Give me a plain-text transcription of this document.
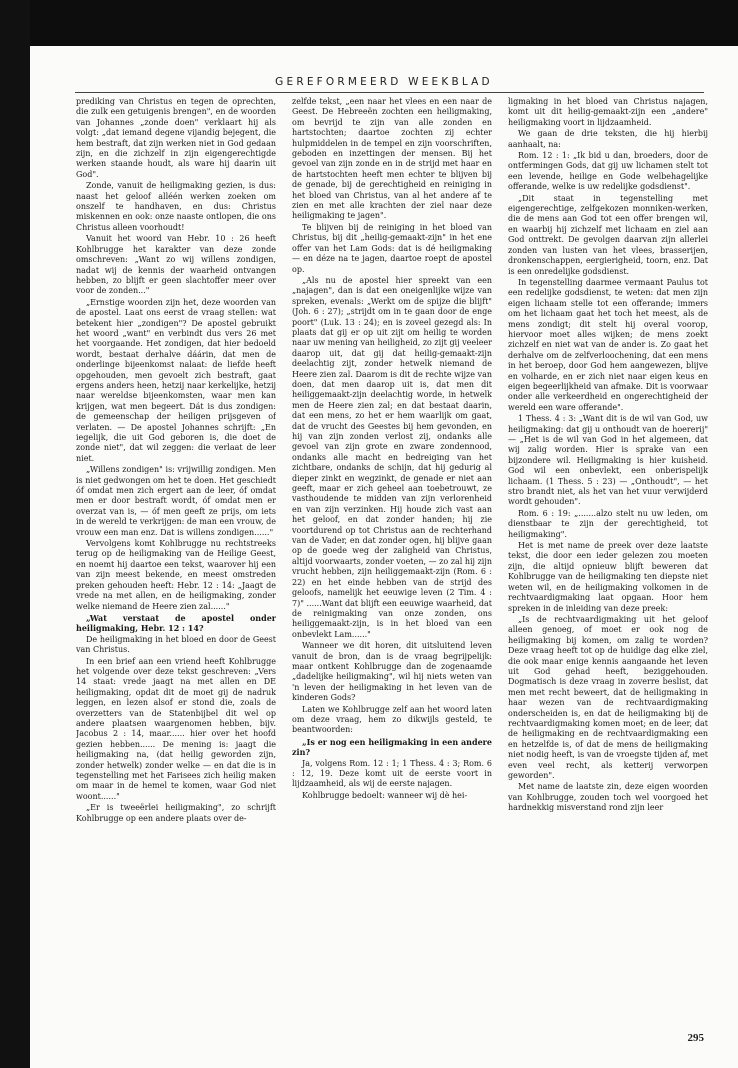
GEREFORMEERD WEEKBLAD

prediking van Christus en tegen de oprechten, die zulk een getuigenis brengen", en de woorden van Johannes „zonde doen" verklaart hij als volgt: „dat iemand degene vijandig bejegent, die hem bestraft, dat zijn werken niet in God gedaan zijn, en die zichzelf in zijn eigengerechtigde werken staande houdt, als ware hij daarin uit God".

Zonde, vanuit de heiligmaking gezien, is dus: naast het geloof alléén werken zoeken om onszelf te handhaven, en dus: Christus miskennen en ook: onze naaste ontlopen, die ons Christus alleen voorhoudt!

Vanuit het woord van Hebr. 10 : 26 heeft Kohlbrugge het karakter van deze zonde omschreven: „Want zo wij willens zondigen, nadat wij de kennis der waarheid ontvangen hebben, zo blijft er geen slachtoffer meer over voor de zonden..."

„Ernstige woorden zijn het, deze woorden van de apostel. Laat ons eerst de vraag stellen: wat betekent hier „zondigen"? De apostel gebruikt het woord „want" en verbindt dus vers 26 met het voorgaande. Het zondigen, dat hier bedoeld wordt, bestaat derhalve dáárin, dat men de onderlinge bijeenkomst nalaat: de liefde heeft opgehouden, men gevoelt zich bestraft, gaat ergens anders heen, hetzij naar kerkelijke, hetzij naar wereldse bijeenkomsten, waar men kan krijgen, wat men begeert. Dát is dus zondigen: de gemeenschap der heiligen prijsgeven of verlaten. — De apostel Johannes schrijft: „En iegelijk, die uit God geboren is, die doet de zonde niet", dat wil zeggen: die verlaat de leer niet.

„Willens zondigen" is: vrijwillig zondigen. Men is niet gedwongen om het te doen. Het geschiedt óf omdat men zich ergert aan de leer, óf omdat men er door bestraft wordt, óf omdat men er overzat van is, — óf men geeft ze prijs, om iets in de wereld te verkrijgen: de man een vrouw, de vrouw een man enz. Dat is willens zondigen......"

Vervolgens komt Kohlbrugge nu rechtstreeks terug op de heiligmaking van de Heilige Geest, en noemt hij daartoe een tekst, waarover hij een van zijn meest bekende, en meest omstreden preken gehouden heeft: Hebr. 12 : 14: „Jaagt de vrede na met allen, en de heiligmaking, zonder welke niemand de Heere zien zal......"

„Wat verstaat de apostel onder heiligmaking, Hebr. 12 : 14?

De heiligmaking in het bloed en door de Geest van Christus.

In een brief aan een vriend heeft Kohlbrugge het volgende over deze tekst geschreven: „Vers 14 staat: vrede jaagt na met allen en DE heiligmaking, opdat dit de moet gij de nadruk leggen, en lezen alsof er stond die, zoals de overzetters van de Statenbijbel dit wel op andere plaatsen waargenomen hebben, bijv. Jacobus 2 : 14, maar...... hier over het hoofd gezien hebben...... De mening is: jaagt die heiligmaking na, (dat heilig geworden zijn, zonder hetwelk) zonder welke — en dat die is in tegenstelling met het Farisees zich heilig maken om maar in de hemel te komen, waar God niet woont......"

„Er is tweeërlei heiligmaking", zo schrijft Kohlbrugge op een andere plaats over de-

zelfde tekst, „een naar het vlees en een naar de Geest. De Hebreeën zochten een heiligmaking, om bevrijd te zijn van alle zonden en hartstochten; daartoe zochten zij echter hulpmiddelen in de tempel en zijn voorschriften, geboden en inzettingen der mensen. Bij het gevoel van zijn zonde en in de strijd met haar en de hartstochten heeft men echter te blijven bij de genade, bij de gerechtigheid en reiniging in het bloed van Christus, van al het andere af te zien en met alle krachten der ziel naar deze heiligmaking te jagen".

Te blijven bij de reiniging in het bloed van Christus, bij dit „heilig-gemaakt-zijn" in het ene offer van het Lam Gods: dat is dé heiligmaking — en déze na te jagen, daartoe roept de apostel op.

„Als nu de apostel hier spreekt van een „najagen", dan is dat een oneigenlijke wijze van spreken, evenals: „Werkt om de spijze die blijft" (Joh. 6 : 27); „strijdt om in te gaan door de enge poort" (Luk. 13 : 24); en is zoveel gezegd als: In plaats dat gij er op uit zijt om heilig te worden naar uw mening van heiligheid, zo zijt gij veeleer daarop uit, dat gij dat heilig-gemaakt-zijn deelachtig zijt, zonder hetwelk niemand de Heere zien zal. Daarom is dit de rechte wijze van doen, dat men daarop uit is, dat men dit heiliggemaakt-zijn deelachtig worde, in hetwelk men de Heere zien zal; en dat bestaat daarin, dat een mens, zo het er hem waarlijk om gaat, dat de vrucht des Geestes bij hem gevonden, en hij van zijn zonden verlost zij, ondanks alle gevoel van zijn grote en zware zondennood, ondanks alle macht en bedreiging van het zichtbare, ondanks de schijn, dat hij gedurig al dieper zinkt en wegzinkt, de genade er niet aan geeft, maar er zich geheel aan toebetrouwt, ze vasthoudende te midden van zijn verlorenheid en van zijn verzinken. Hij houde zich vast aan het geloof, en dat zonder handen; hij zie voortdurend op tot Christus aan de rechterhand van de Vader, en dat zonder ogen, hij blijve gaan op de goede weg der zaligheid van Christus, altijd voorwaarts, zonder voeten, — zo zal hij zijn vrucht hebben, zijn heiliggemaakt-zijn (Rom. 6 : 22) en het einde hebben van de strijd des geloofs, namelijk het eeuwige leven (2 Tim. 4 : 7)" ......Want dat blijft een eeuwige waarheid, dat de reinigmaking van onze zonden, ons heiliggemaakt-zijn, is in het bloed van een onbevlekt Lam......"

Wanneer we dit horen, dit uitsluitend leven vanuit de bron, dan is de vraag begrijpelijk: maar ontkent Kohlbrugge dan de zogenaamde „dadelijke heiligmaking", wil hij niets weten van 'n leven der heiligmaking in het leven van de kinderen Gods?

Laten we Kohlbrugge zelf aan het woord laten om deze vraag, hem zo dikwijls gesteld, te beantwoorden:

„Is er nog een heiligmaking in een andere zin?

Ja, volgens Rom. 12 : 1; 1 Thess. 4 : 3; Rom. 6 : 12, 19. Deze komt uit de eerste voort in lijdzaamheid, als wij de eerste najagen.

Kohlbrugge bedoelt: wanneer wij dè hei-

ligmaking in het bloed van Christus najagen, komt uit dit heilig-gemaakt-zijn een „andere" heiligmaking voort in lijdzaamheid.

We gaan de drie teksten, die hij hierbij aanhaalt, na:

Rom. 12 : 1: „Ik bid u dan, broeders, door de ontfermingen Gods, dat gij uw lichamen stelt tot een levende, heilige en Gode welbehagelijke offerande, welke is uw redelijke godsdienst".

„Dit staat in tegenstelling met eigengerechtige, zelfgekozen monniken-werken, die de mens aan God tot een offer brengen wil, en waarbij hij zichzelf met lichaam en ziel aan God onttrekt. De gevolgen daarvan zijn allerlei zonden van lusten van het vlees, brasserijen, dronkenschappen, eergierigheid, toorn, enz. Dat is een onredelijke godsdienst.

In tegenstelling daarmee vermaant Paulus tot een redelijke godsdienst, te weten: dat men zijn eigen lichaam stelle tot een offerande; immers om het lichaam gaat het toch het meest, als de mens zondigt; dit stelt hij overal voorop, hiervoor moet alles wijken; de mens zoekt zichzelf en niet wat van de ander is. Zo gaat het derhalve om de zelfverloochening, dat een mens in het beroep, door God hem aangewezen, blijve en volharde, en er zich niet naar eigen keus en eigen begeerlijkheid van afmake. Dit is voorwaar onder alle verkeerdheid en ongerechtigheid der wereld een ware offerande".

1 Thess. 4 : 3: „Want dit is de wil van God, uw heiligmaking: dat gij u onthoudt van de hoererij" — „Het is de wil van God in het algemeen, dat wij zalig worden. Hier is sprake van een bijzondere wil. Heiligmaking is hier kuisheid. God wil een onbevlekt, een onberispelijk lichaam. (1 Thess. 5 : 23) — „Onthoudt", — het stro brandt niet, als het van het vuur verwijderd wordt gehouden".

Rom. 6 : 19: „.......alzo stelt nu uw leden, om dienstbaar te zijn der gerechtigheid, tot heiligmaking".

Het is met name de preek over deze laatste tekst, die door een ieder gelezen zou moeten zijn, die altijd opnieuw blijft beweren dat Kohlbrugge van de heiligmaking ten diepste niet weten wil, en de heiligmaking volkomen in de rechtvaardigmaking laat opgaan. Hoor hem spreken in de inleiding van deze preek:

„Is de rechtvaardigmaking uit het geloof alleen genoeg, of moet er ook nog de heiligmaking bij komen, om zalig te worden? Deze vraag heeft tot op de huidige dag elke ziel, die ook maar enige kennis aangaande het leven uit God gehad heeft, beziggehouden. Dogmatisch is deze vraag in zoverre beslist, dat men met recht beweert, dat de heiligmaking in haar wezen van de rechtvaardigmaking onderscheiden is, en dat de heiligmaking bij de rechtvaardigmaking komen moet; en de leer, dat de heiligmaking en de rechtvaardigmaking een en hetzelfde is, of dat de mens de heiligmaking niet nodig heeft, is van de vroegste tijden af, met even veel recht, als ketterij verworpen geworden".

Met name de laatste zin, deze eigen woorden van Kohlbrugge, zouden toch wel voorgoed het hardnekkig misverstand rond zijn leer

295
